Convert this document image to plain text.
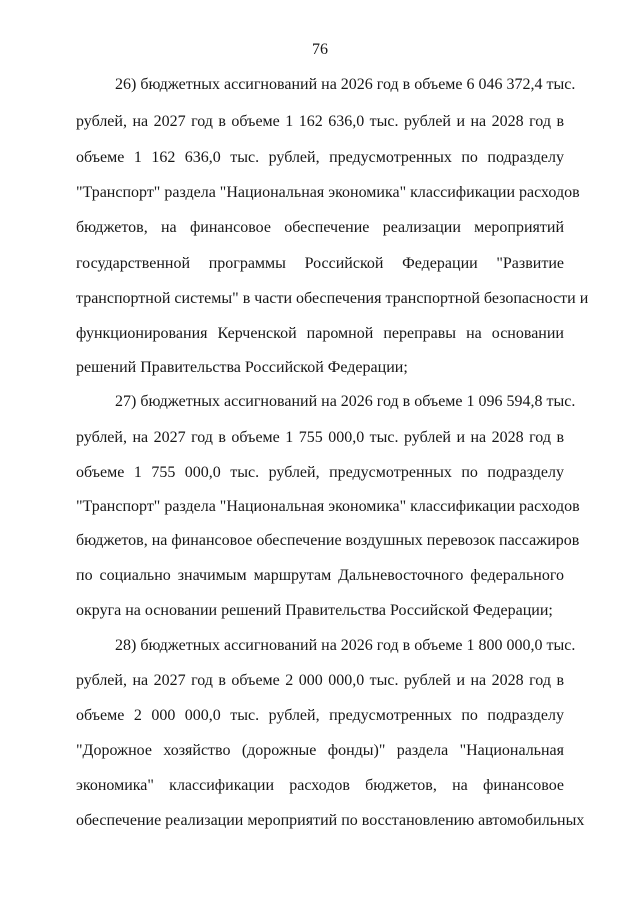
76
26) бюджетных ассигнований на 2026 год в объеме 6 046 372,4 тыс.
рублей, на 2027 год в объеме 1 162 636,0 тыс. рублей и на 2028 год в
объеме 1 162 636,0 тыс. рублей, предусмотренных по подразделу
"Транспорт" раздела "Национальная экономика" классификации расходов
бюджетов, на финансовое обеспечение реализации мероприятий
государственной программы Российской Федерации "Развитие
транспортной системы" в части обеспечения транспортной безопасности и
функционирования Керченской паромной переправы на основании
решений Правительства Российской Федерации;
27) бюджетных ассигнований на 2026 год в объеме 1 096 594,8 тыс.
рублей, на 2027 год в объеме 1 755 000,0 тыс. рублей и на 2028 год в
объеме 1 755 000,0 тыс. рублей, предусмотренных по подразделу
"Транспорт" раздела "Национальная экономика" классификации расходов
бюджетов, на финансовое обеспечение воздушных перевозок пассажиров
по социально значимым маршрутам Дальневосточного федерального
округа на основании решений Правительства Российской Федерации;
28) бюджетных ассигнований на 2026 год в объеме 1 800 000,0 тыс.
рублей, на 2027 год в объеме 2 000 000,0 тыс. рублей и на 2028 год в
объеме 2 000 000,0 тыс. рублей, предусмотренных по подразделу
"Дорожное хозяйство (дорожные фонды)" раздела "Национальная
экономика" классификации расходов бюджетов, на финансовое
обеспечение реализации мероприятий по восстановлению автомобильных
